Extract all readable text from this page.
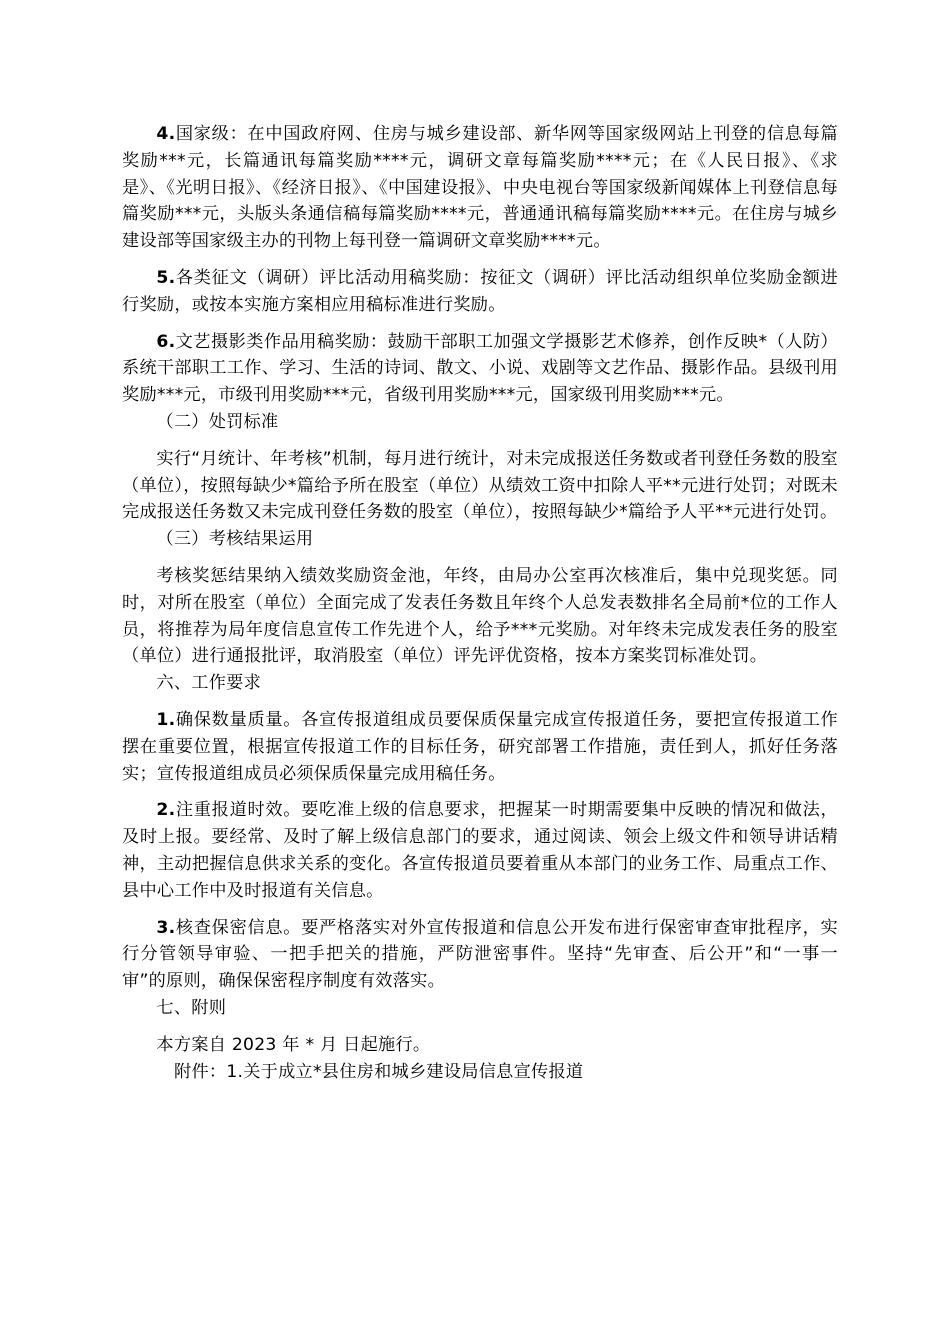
4.国家级：在中国政府网、住房与城乡建设部、新华网等国家级网站上刊登的信息每篇奖励***元，长篇通讯每篇奖励****元，调研文章每篇奖励****元；在《人民日报》、《求是》、《光明日报》、《经济日报》、《中国建设报》、中央电视台等国家级新闻媒体上刊登信息每篇奖励***元，头版头条通信稿每篇奖励****元，普通通讯稿每篇奖励****元。在住房与城乡建设部等国家级主办的刊物上每刊登一篇调研文章奖励****元。

5.各类征文（调研）评比活动用稿奖励：按征文（调研）评比活动组织单位奖励金额进行奖励，或按本实施方案相应用稿标准进行奖励。

6.文艺摄影类作品用稿奖励：鼓励干部职工加强文学摄影艺术修养，创作反映*（人防）系统干部职工工作、学习、生活的诗词、散文、小说、戏剧等文艺作品、摄影作品。县级刊用奖励***元，市级刊用奖励***元，省级刊用奖励***元，国家级刊用奖励***元。

（二）处罚标准

实行“月统计、年考核”机制，每月进行统计，对未完成报送任务数或者刊登任务数的股室（单位），按照每缺少*篇给予所在股室（单位）从绩效工资中扣除人平**元进行处罚；对既未完成报送任务数又未完成刊登任务数的股室（单位），按照每缺少*篇给予人平**元进行处罚。

（三）考核结果运用

考核奖惩结果纳入绩效奖励资金池，年终，由局办公室再次核准后，集中兑现奖惩。同时，对所在股室（单位）全面完成了发表任务数且年终个人总发表数排名全局前*位的工作人员，将推荐为局年度信息宣传工作先进个人，给予***元奖励。对年终未完成发表任务的股室（单位）进行通报批评，取消股室（单位）评先评优资格，按本方案奖罚标准处罚。

六、工作要求

1.确保数量质量。各宣传报道组成员要保质保量完成宣传报道任务，要把宣传报道工作摆在重要位置，根据宣传报道工作的目标任务，研究部署工作措施，责任到人，抓好任务落实；宣传报道组成员必须保质保量完成用稿任务。

2.注重报道时效。要吃准上级的信息要求，把握某一时期需要集中反映的情况和做法，及时上报。要经常、及时了解上级信息部门的要求，通过阅读、领会上级文件和领导讲话精神，主动把握信息供求关系的变化。各宣传报道员要着重从本部门的业务工作、局重点工作、县中心工作中及时报道有关信息。

3.核查保密信息。要严格落实对外宣传报道和信息公开发布进行保密审查审批程序，实行分管领导审验、一把手把关的措施，严防泄密事件。坚持“先审查、后公开”和“一事一审”的原则，确保保密程序制度有效落实。

七、附则

本方案自 2023 年 * 月 日起施行。

附件：1.关于成立*县住房和城乡建设局信息宣传报道
